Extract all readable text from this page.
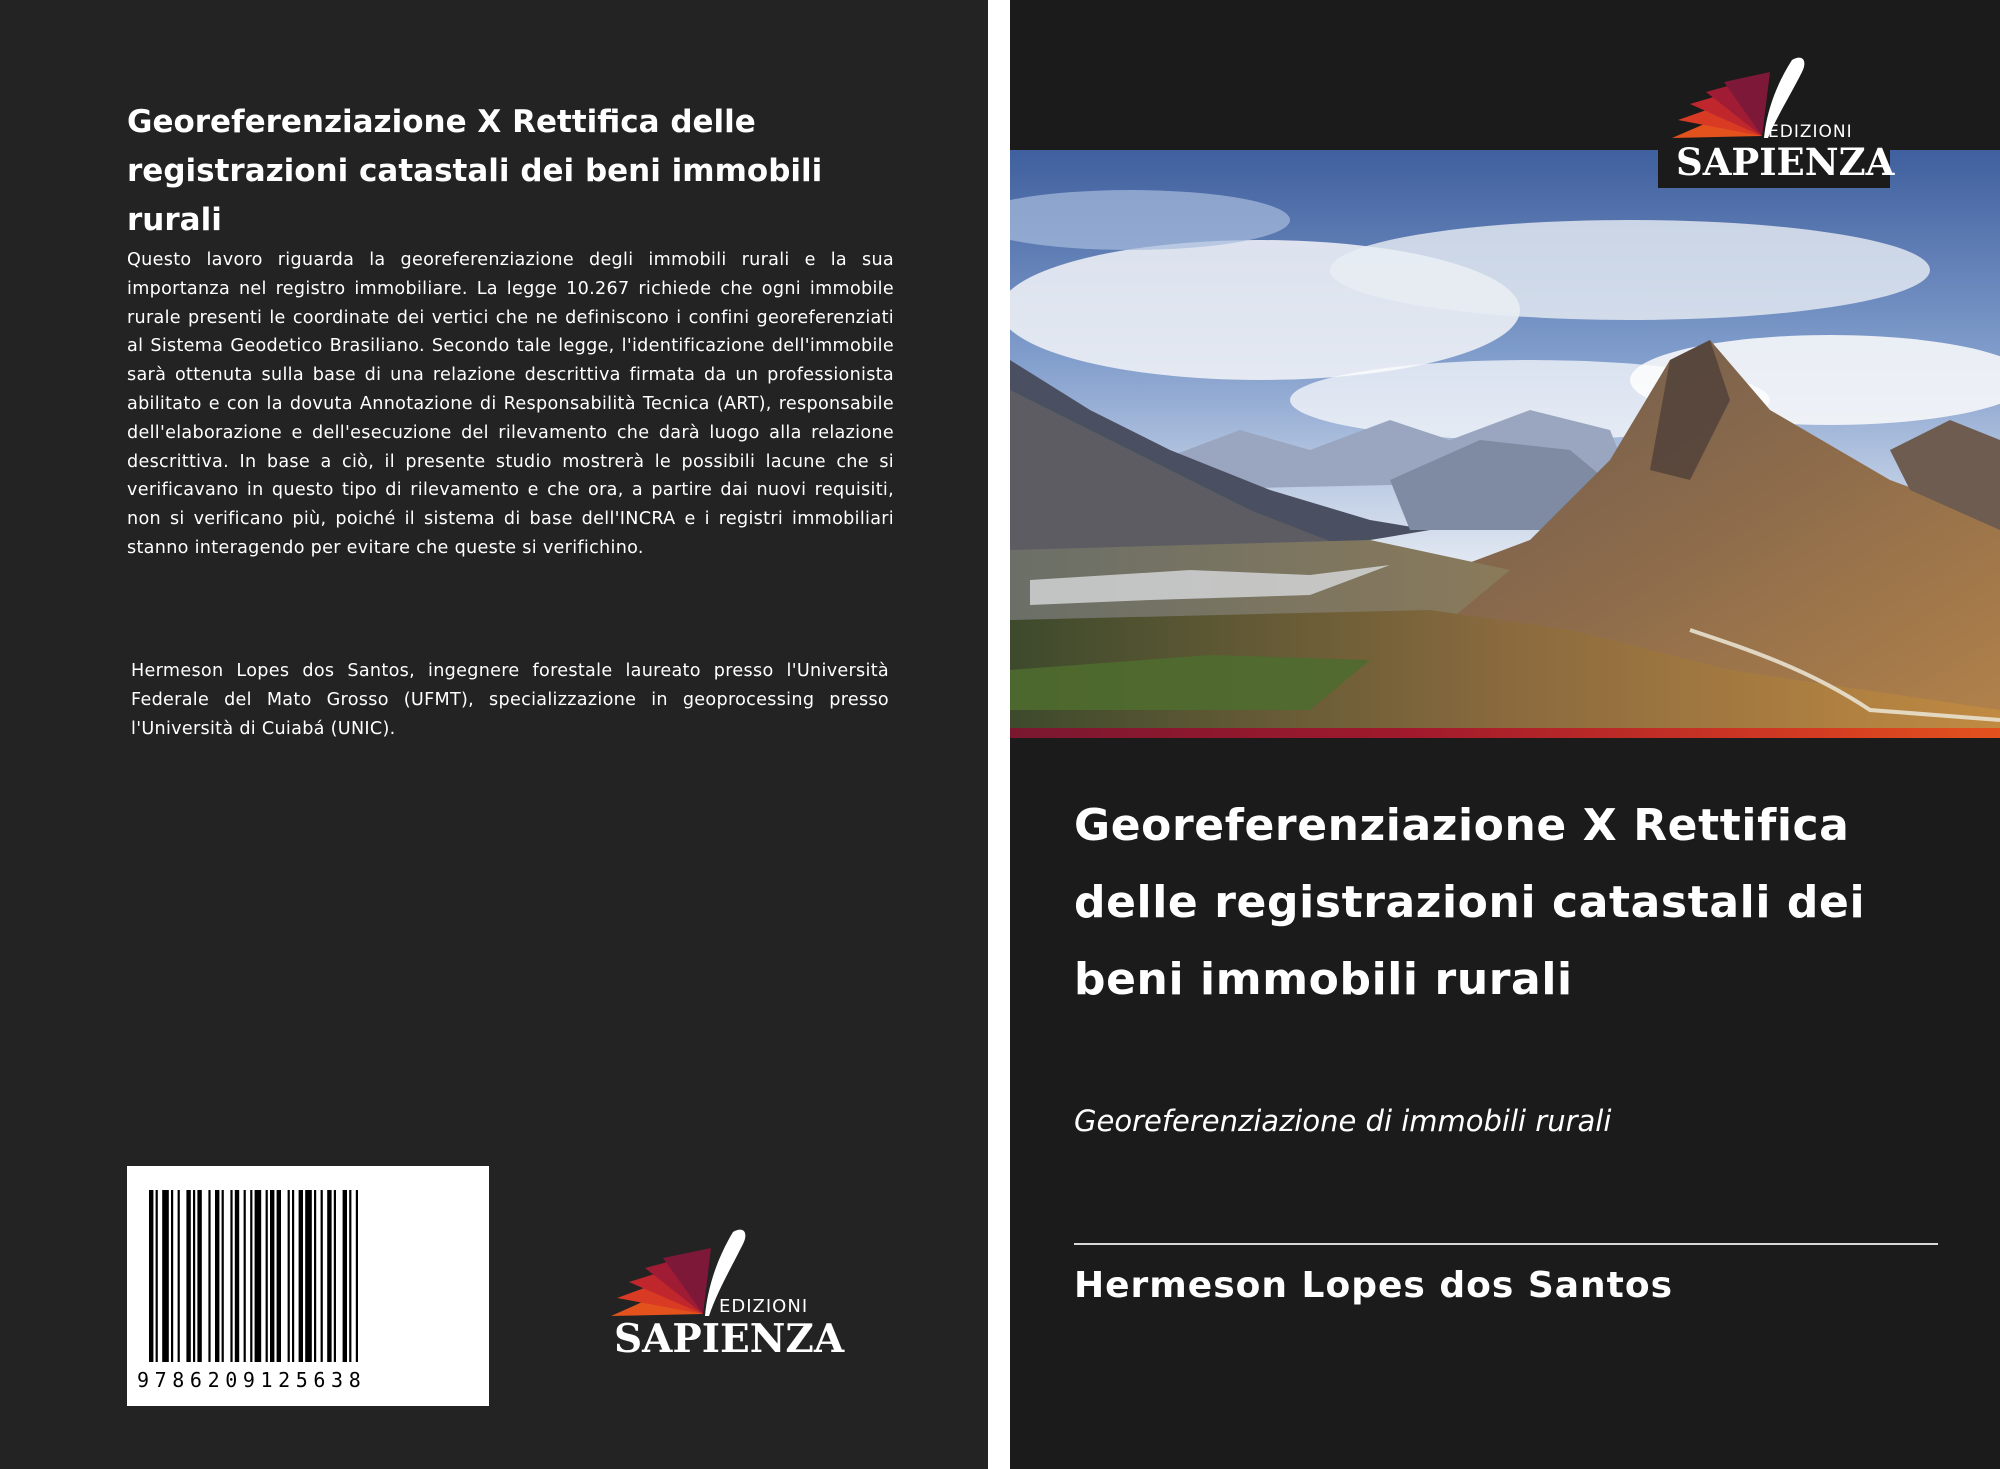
Georeferenziazione X Rettifica delle registrazioni catastali dei beni immobili rurali

Questo lavoro riguarda la georeferenziazione degli immobili rurali e la sua importanza nel registro immobiliare. La legge 10.267 richiede che ogni immobile rurale presenti le coordinate dei vertici che ne definiscono i confini georeferenziati al Sistema Geodetico Brasiliano. Secondo tale legge, l'identificazione dell'immobile sarà ottenuta sulla base di una relazione descrittiva firmata da un professionista abilitato e con la dovuta Annotazione di Responsabilità Tecnica (ART), responsabile dell'elaborazione e dell'esecuzione del rilevamento che darà luogo alla relazione descrittiva. In base a ciò, il presente studio mostrerà le possibili lacune che si verificavano in questo tipo di rilevamento e che ora, a partire dai nuovi requisiti, non si verificano più, poiché il sistema di base dell'INCRA e i registri immobiliari stanno interagendo per evitare che queste si verifichino.

Hermeson Lopes dos Santos, ingegnere forestale laureato presso l'Università Federale del Mato Grosso (UFMT), specializzazione in geoprocessing presso l'Università di Cuiabá (UNIC).

9786209125638
EDIZIONI
SAPIENZA
EDIZIONI
SAPIENZA
Georeferenziazione X Rettifica delle registrazioni catastali dei beni immobili rurali

Georeferenziazione di immobili rurali

Hermeson Lopes dos Santos
